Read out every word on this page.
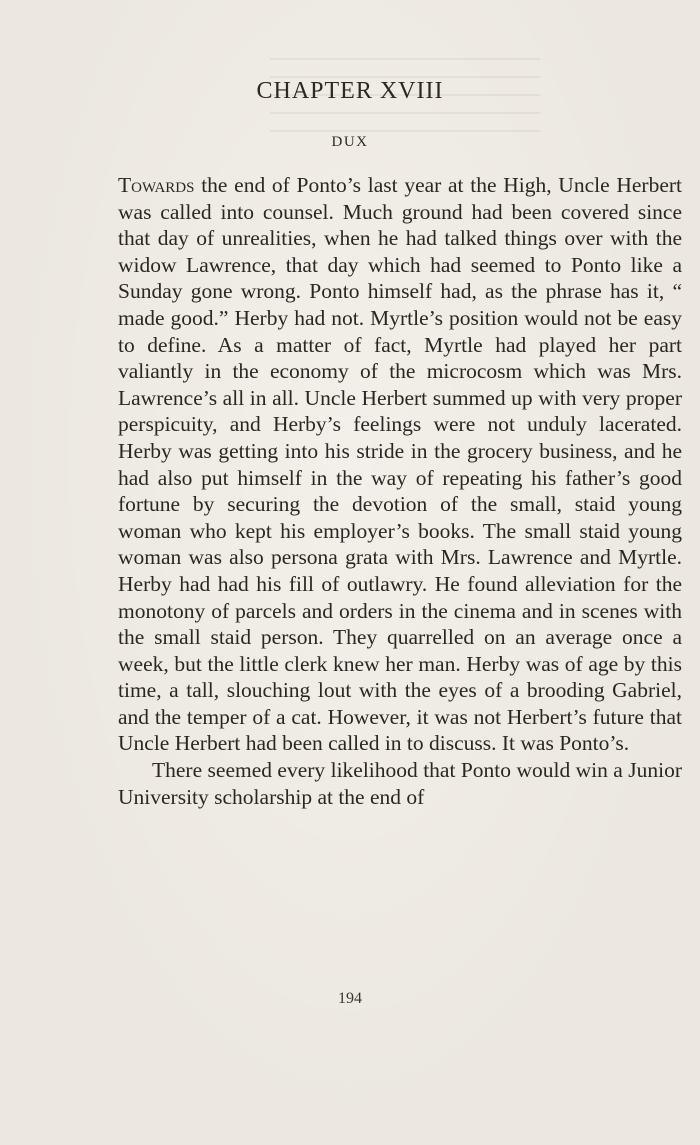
CHAPTER XVIII
DUX

Towards the end of Ponto’s last year at the High, Uncle Herbert was called into counsel. Much ground had been covered since that day of unrealities, when he had talked things over with the widow Lawrence, that day which had seemed to Ponto like a Sunday gone wrong. Ponto himself had, as the phrase has it, “ made good.” Herby had not. Myrtle’s position would not be easy to define. As a matter of fact, Myrtle had played her part valiantly in the economy of the microcosm which was Mrs. Lawrence’s all in all. Uncle Herbert summed up with very proper perspicuity, and Herby’s feelings were not unduly lacerated. Herby was getting into his stride in the grocery business, and he had also put himself in the way of repeating his father’s good fortune by securing the devotion of the small, staid young woman who kept his employer’s books. The small staid young woman was also persona grata with Mrs. Lawrence and Myrtle. Herby had had his fill of outlawry. He found alleviation for the monotony of parcels and orders in the cinema and in scenes with the small staid person. They quarrelled on an average once a week, but the little clerk knew her man. Herby was of age by this time, a tall, slouching lout with the eyes of a brooding Gabriel, and the temper of a cat. However, it was not Herbert’s future that Uncle Herbert had been called in to discuss. It was Ponto’s.

There seemed every likelihood that Ponto would win a Junior University scholarship at the end of

194
